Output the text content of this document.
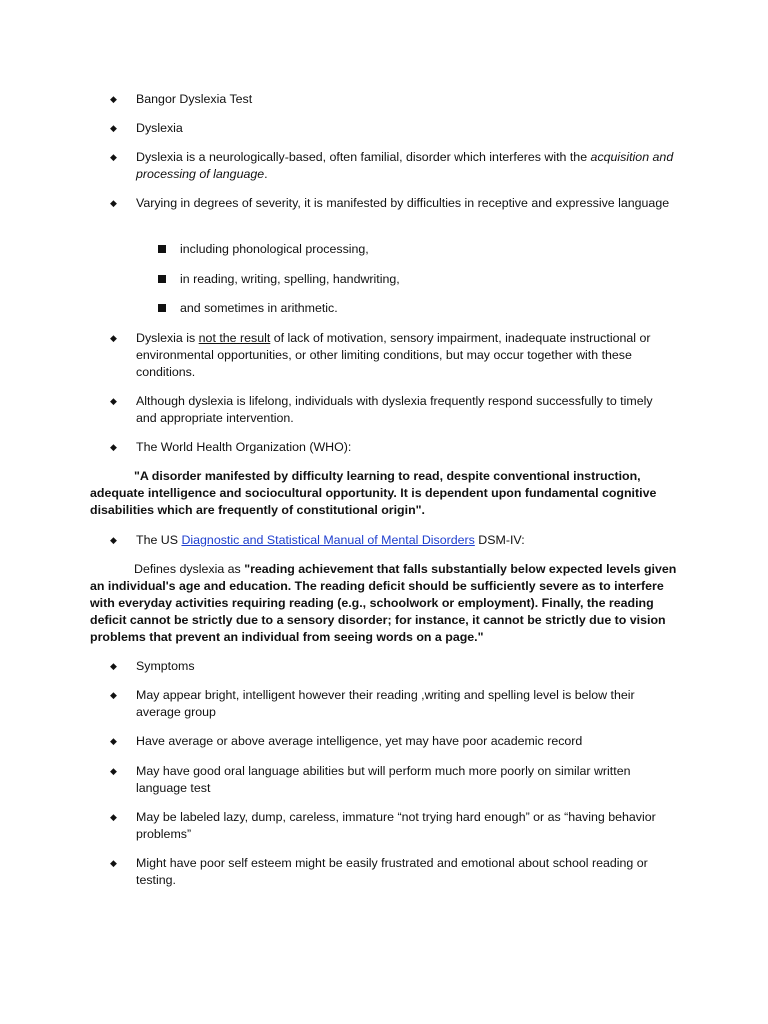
◆ Bangor Dyslexia Test
◆ Dyslexia
◆ Dyslexia is a neurologically-based, often familial, disorder which interferes with the acquisition and processing of language.
◆ Varying in degrees of severity, it is manifested by difficulties in receptive and expressive language
including phonological processing,
in reading, writing, spelling, handwriting,
and sometimes in arithmetic.
◆ Dyslexia is not the result of lack of motivation, sensory impairment, inadequate instructional or environmental opportunities, or other limiting conditions, but may occur together with these conditions.
◆ Although dyslexia is lifelong, individuals with dyslexia frequently respond successfully to timely and appropriate intervention.
◆ The World Health Organization (WHO):
"A disorder manifested by difficulty learning to read, despite conventional instruction, adequate intelligence and sociocultural opportunity. It is dependent upon fundamental cognitive disabilities which are frequently of constitutional origin".
◆ The US Diagnostic and Statistical Manual of Mental Disorders DSM-IV:
Defines dyslexia as "reading achievement that falls substantially below expected levels given an individual's age and education. The reading deficit should be sufficiently severe as to interfere with everyday activities requiring reading (e.g., schoolwork or employment). Finally, the reading deficit cannot be strictly due to a sensory disorder; for instance, it cannot be strictly due to vision problems that prevent an individual from seeing words on a page."
◆ Symptoms
◆ May appear bright, intelligent however their reading ,writing and spelling level is below their average group
◆ Have average or above average intelligence, yet may have poor academic record
◆ May have good oral language abilities but will perform much more poorly on similar written language test
◆ May be labeled lazy, dump, careless, immature “not trying hard enough” or as “having behavior problems”
◆ Might have poor self esteem might be easily frustrated and emotional about school reading or testing.
